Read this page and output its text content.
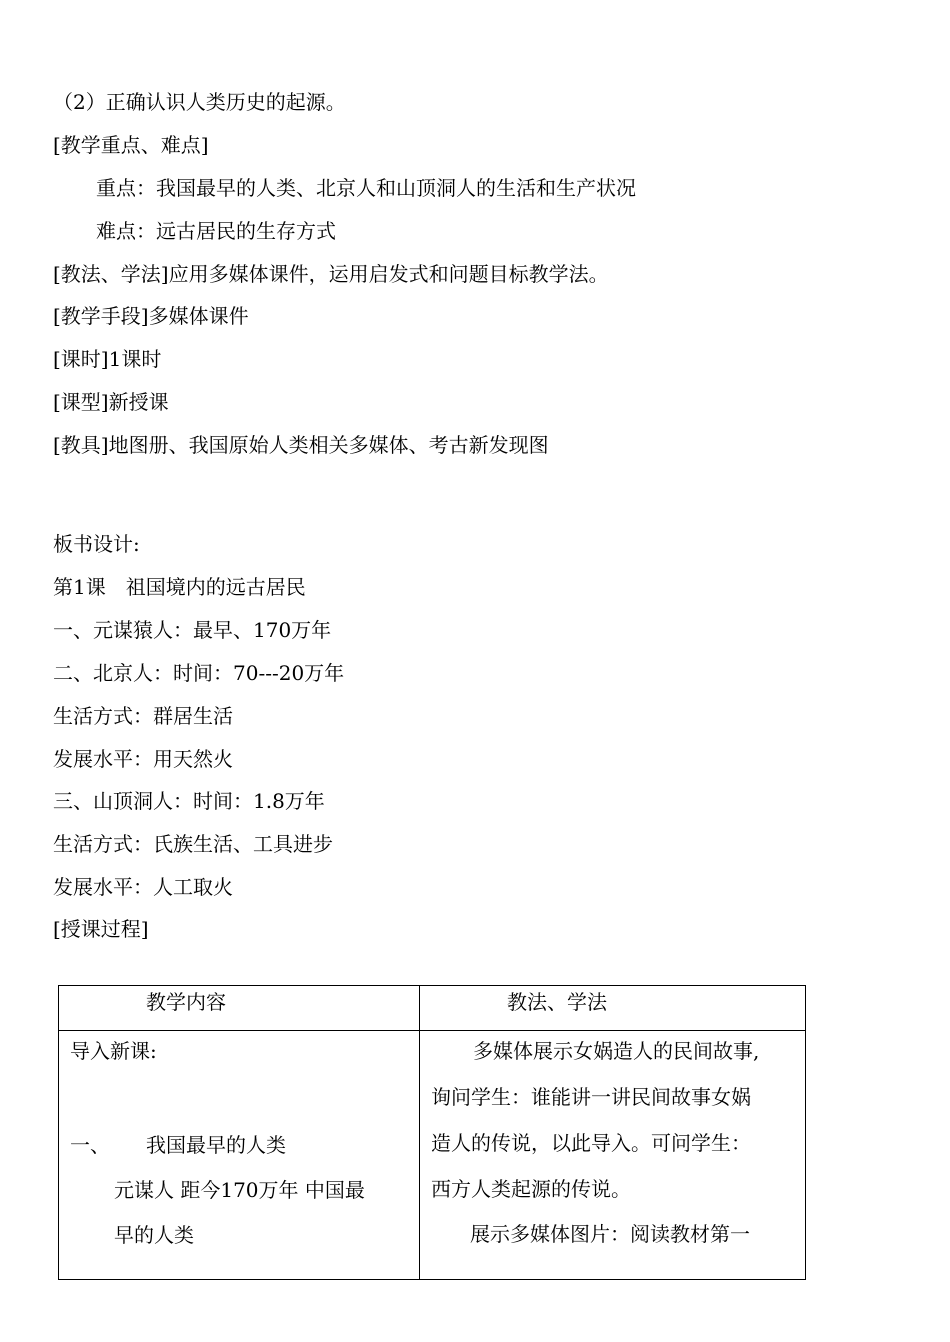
（2）正确认识人类历史的起源。
[教学重点、难点]
重点：我国最早的人类、北京人和山顶洞人的生活和生产状况
难点：远古居民的生存方式
[教法、学法]应用多媒体课件，运用启发式和问题目标教学法。
[教学手段]多媒体课件
[课时]1课时
[课型]新授课
[教具]地图册、我国原始人类相关多媒体、考古新发现图
板书设计:
第1课　祖国境内的远古居民
一、元谋猿人：最早、170万年
二、北京人：时间：70---20万年
生活方式：群居生活
发展水平：用天然火
三、山顶洞人：时间：1.8万年
生活方式：氏族生活、工具进步
发展水平：人工取火
[授课过程]
教学内容	教法、学法

导入新课:
一、 我国最早的人类
元谋人 距今170万年 中国最
早的人类	多媒体展示女娲造人的民间故事,
询问学生：谁能讲一讲民间故事女娲
造人的传说，以此导入。可问学生：
西方人类起源的传说。
展示多媒体图片：阅读教材第一
